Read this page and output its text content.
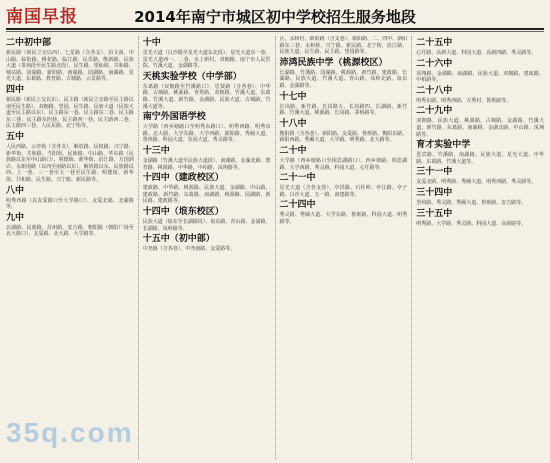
南国早报	2014年南宁市城区初中学校招生服务地段
二中初中部
新民路（新民立交以西）、七星路（含各支）、沿文南、中山路、临街路、桃花路、临江路、民乐路、维新路、民族大道（茶场段至民生路北段）、民生路、望仙坡、共和路、城站路、园湖路、新阳路、南湖路、园湖路、南湖路、星光大道、东葛路、教育路、古城路、云景路等。
四中
新民路（新民立交以东）、民主路（新民立交路至民主路以南至民生路）、双拥路、望园、民生路、民族大道（民族大道至民主路以东）、民主路东一巷、民主路东二巷、民主路东三巷、民主路东四巷、民主路西一巷、民主路西二巷、民主路西三巷、人民东路、北宁街等。
五中
人民西路、云亭街（含各支）、解放路、民权路、兴宁路、新华街、共和路、当阳街、民族路、中山路、华东路（民族路以东至中山路口）、明德街、新华街、沿江路、万国酒店、永新南路（以西至南路以东）、解放路以东、民族路以西、上一巷、三一巷至五一巷至民生路、明德街、新华街、共和路、民生路、兴宁路、新民路等。
八中
明秀西路（以友爱路口至大学路口）、友爱北路、北湖路等。
九中
北湖路、民族路、苏州路、安吉路、朝阳路（朝阳广场至北大路口）、友爱路、北大路、大学路等。
十中
星光大道（白沙路至星光大道东北段）、星光大道东一巷、星光大道西一、二巷、水上新村、双拥路、南宁市人民医院、竹溪大道、金湖路等。
天桃实验学校（中学部）
东葛路（双拥路至竹溪路口）、思贤路（含各巷）、中华路、古城路、桃源路、青秀路、双拥路、竹溪大道、东葛路、竹溪大道、新竹路、金湖路、民族大道、古城路、竹溪大道等。
南宁外国语学校
大学路（西乡塘路口至明秀东路口）、明秀西路、明秀东路、北大路、大学东路、大学西路、新阳路、秀厢大道、鲁班路、科园大道、发展大道、秀灵路等。
十三中
金湖路（竹溪大道至民族大道段）、南湖路、金湖北路、教育路、桃源路、中华路、中柏路、凤翔路等。
十四中（建政校区）
建政路、中华路、桃源路、民族大道、金湖路、中山路、建政路、新竹路、东葛路、南湖路、桃源路、园湖路、新民路、建政路等。
十四中（埌东校区）
民族大道（埌东至长湖路段）、埌东路、青山路、金浦路、长湖路、凤岭路等。
十五中（初中部）
中尧路（含各巷）、中尧南路、友爱路等。
区、永和村、新阳路（含支巷）、新阳路、二、四中、新阳路东三巷、永和桥、兴宁路、新民路、北宁街、沿江路、民族大道、民生路、民主路、望园路等。
沛鸿民族中学（桃源校区）
长湖路、竹溪路、园湖路、桃源路、新竹路、建政路、长湖路、民族大道、竹溪大道、青山路、凤岭北路、埌东路、金湖路等。
十七中
长岗路、新竹路、长岗路五、长岗路四、长湖路、新竹路、竹溪大道、桃源路、长岗路、茅桥路等。
十八中
衡阳路（含各巷）、新阳路、友爱路、鲁班路、衡阳东路、新阳西路、秀厢大道、大学路、明秀路、北大路等。
二十中
大学路（西乡塘路口至相思湖路口）、西乡塘路、相思湖路、大学西路、秀灵路、科园大道、心圩路等。
二十一中
星光大道（含各支巷）、亭洪路、石柱岭、亭江路、亭子路、白沙大道、五一路、南建路等。
二十四中
秀灵路、秀厢大道、大学东路、鲁班路、科园大道、明秀路等。
二十五中
心圩路、高新大道、科园大道、高新四路、秀灵路等。
二十六中
凤翔路、金湖路、南湖路、民族大道、双拥路、建政路、中柏路等。
二十八中
明秀东路、明秀西路、万秀村、鲁班路等。
二十九中
双拥路、民族大道、桃源路、古城路、金湖路、竹溪大道、新竹路、东葛路、南湖路、金湖北路、中山路、凤翔路等。
育才实验中学
邕宾路、竹溪路、南湖路、民族大道、星光大道、中华路、东葛路、竹溪大道等。
三十一中
友爱北路、明秀路、秀厢大道、明秀西路、秀灵路等。
三十四中
望州路、秀灵路、秀厢大道、鲁班路、安吉路等。
三十五中
明秀路、大学路、秀灵路、科园大道、高新路等。
35q.com
